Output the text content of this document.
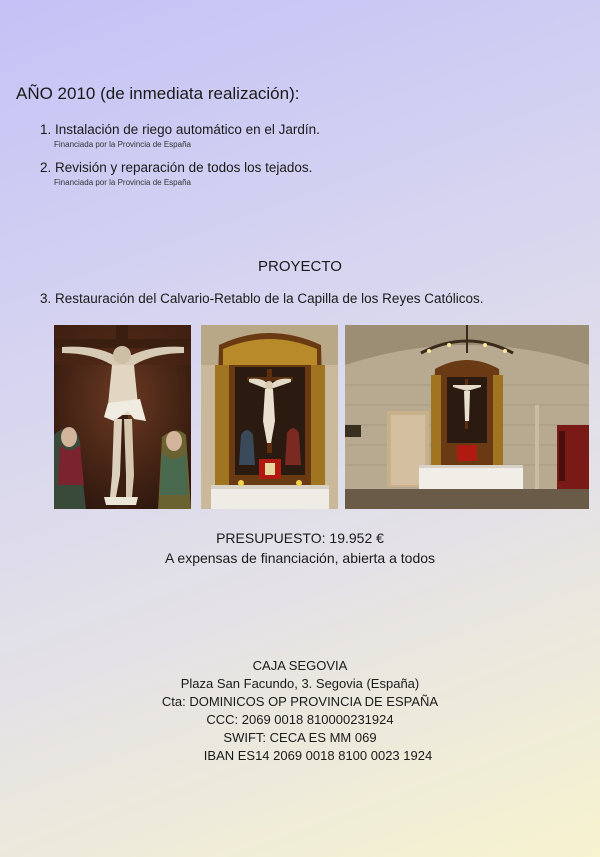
AÑO 2010 (de inmediata realización):
1. Instalación de riego automático en el Jardín.
Financiada por la Provincia de España
2. Revisión y reparación de todos los tejados.
Financiada por la Provincia de España
PROYECTO
3. Restauración del Calvario-Retablo de la Capilla de los Reyes Católicos.
PRESUPUESTO: 19.952 €
A expensas de financiación, abierta a todos
CAJA SEGOVIA
Plaza San Facundo, 3. Segovia (España)
Cta: DOMINICOS OP PROVINCIA DE ESPAÑA
CCC: 2069 0018 810000231924
SWIFT: CECA ES MM 069
IBAN ES14 2069 0018 8100 0023 1924
